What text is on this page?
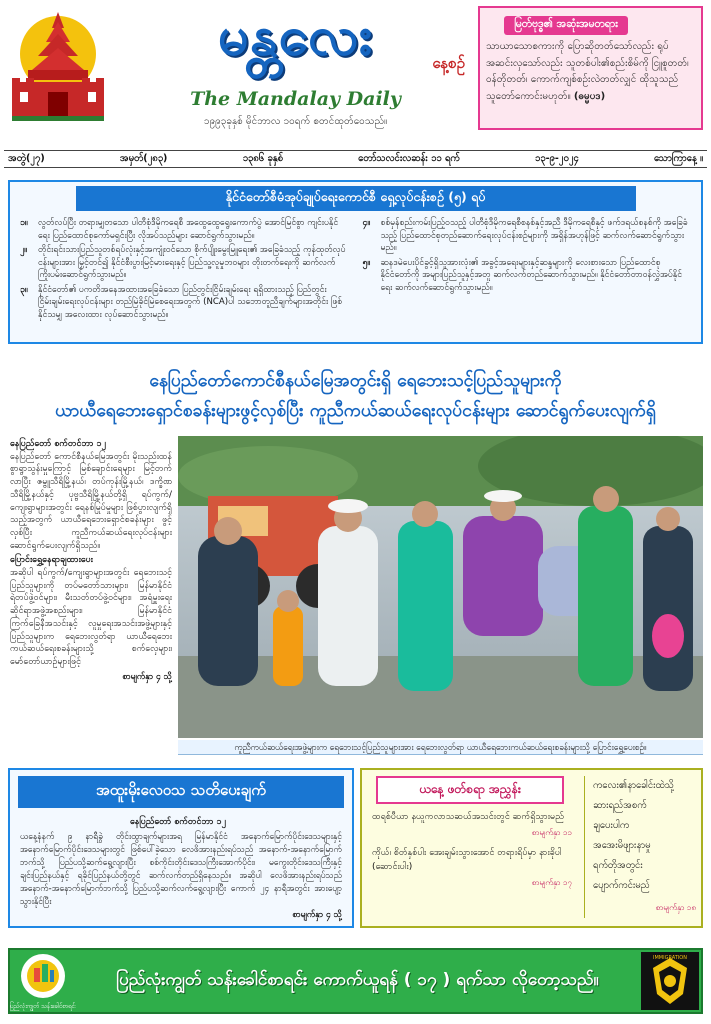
မန္တလေး	နေ့စဉ်
The Mandalay Daily
၁၉၉၃ခုနှစ် မိုင်ဘာလ ၁၀ရက် စတင်ထုတ်ဝေသည်။
မြတ်ဗုဒ္ဓ၏ အဆုံးအမတရား
သာယာသောစကားကို ပြောဆိုတတ်သော်လည်း ရုပ်အဆင်းလှသော်လည်း သူတစ်ပါး၏စည်းစိမ်ကို ငြူစူတတ်၊ ဝန်တိုတတ်၊ ကောက်ကျစ်စဉ်းလဲတတ်လျှင် ထိုသူသည် သူတော်ကောင်းမဟုတ်။ (ဓမ္မပဒ)
အတွဲ(၂၇)	အမှတ်(၂၈၃)	၁၃၈၆ ခုနှစ်	တော်သလင်းလဆန်း ၁၁ ရက်	၁၃-၉-၂၀၂၄	သောကြာနေ့ ။
နိုင်ငံတော်စီမံအုပ်ချုပ်ရေးကောင်စီ ရှေ့လုပ်ငန်းစဉ် (၅) ရပ်
၁။	လွတ်လပ်ပြီး တရားမျှတသော ပါတီစုံဒီမိုကရေစီ အထွေထွေရွေးကောက်ပွဲ အောင်မြင်စွာ ကျင်းပနိုင်ရေး ပြည်ထောင်စုကော်မရှင်းပြီး လိုအပ်သည်များ ဆောင်ရွက်သွားမည်။
၂။	တိုင်းရင်းသားပြည်သူတစ်ရပ်လုံးနှင့်အကျုံးဝင်သော စိုက်ပျိုးမွေးမြူရေး၏ အခြေခံသည့် ကုန်ထုတ်လုပ်ငန်းများအား မြှင့်တင်၍ နိုင်ငံစီးပွားမြင့်မားရေးနှင့် ပြည်သူ့လူမှုဘဝများ တိုးတက်ရေးကို ဆက်လက်ကြိုးပမ်းဆောင်ရွက်သွားမည်။
၃။	နိုင်ငံတော်၏ ပကတိအနေအထားအခြေခံသော ပြည်တွင်းငြိမ်းချမ်းရေး ရရှိထားသည့် ပြည်တွင်းငြိမ်းချမ်းရေးလုပ်ငန်းများ တည်မြဲခိုင်မြဲစေရေးအတွက် (NCA)ပါ သဘောတူညီချက်များအတိုင်း ဖြစ်နိုင်သမျှ အလေးထား လုပ်ဆောင်သွားမည်။
၄။	စစ်မှန်စည်းကမ်းပြည့်ဝသည့် ပါတီစုံဒီမိုကရေစီစနစ်နှင့်အညီ ဒီမိုကရေစီနှင့် ဖက်ဒရယ်စနစ်ကို အခြေခံသည့် ပြည်ထောင်စုတည်ဆောက်ရေးလုပ်ငန်းစဉ်များကို အရှိန်အဟုန်ဖြင့် ဆက်လက်ဆောင်ရွက်သွားမည်။
၅။	ဆနဒမဲပေးပိုင်ခွင့်ရှိသူအားလုံး၏ အခွင့်အရေးများနှင့်ဆန္ဒများကို လေးစားသော ပြည်ထောင်စုနိုင်ငံတော်ကို အများပြည်သူနှင့်အတူ ဆက်လက်တည်ဆောက်သွားမည်။ နိုင်ငံတော်တာဝန်လွှဲအပ်နိုင်ရေး ဆက်လက်ဆောင်ရွက်သွားမည်။
နေပြည်တော်ကောင်စီနယ်မြေအတွင်းရှိ ရေဘေးသင့်ပြည်သူများကို
ယာယီရေဘေးရှောင်စခန်းများဖွင့်လှစ်ပြီး ကူညီကယ်ဆယ်ရေးလုပ်ငန်းများ ဆောင်ရွက်ပေးလျက်ရှိ
နေပြည်တော် စက်တင်ဘာ ၁၂
နေပြည်တော် ကောင်စီနယ်မြေအတွင်း မိုးသည်းထန်စွာရွာသွန်းမှုကြောင့် မြစ်ချောင်းရေများ မြင့်တက်လာပြီး ဇမ္ဗူသီရိမြို့နယ်၊ တပ်ကုန်းမြို့နယ်၊ ဒက္ခိဏသီရိမြို့နယ်နှင့် ပုဗ္ဗသီရိမြို့နယ်တို့ရှိ ရပ်ကွက်/ကျေးရွာများအတွင်း ရေနစ်မြုပ်မှုများ ဖြစ်ပွားလျက်ရှိသည့်အတွက် ယာယီရေဘေးရှောင်စခန်းများ ဖွင့်လှစ်ပြီး ကူညီကယ်ဆယ်ရေးလုပ်ငန်းများ ဆောင်ရွက်ပေးလျက်ရှိသည်။
ပြောင်းရွှေ့နေရာချထားပေး
အဆိုပါ ရပ်ကွက်/ကျေးရွာများအတွင်း ရေဘေးသင့်ပြည်သူများကို တပ်မတော်သားများ၊ မြန်မာနိုင်ငံရဲတပ်ဖွဲ့ဝင်များ၊ မီးသတ်တပ်ဖွဲ့ဝင်များ၊ အရံမှူးရေးဆိုင်ရာအဖွဲ့အစည်းများ၊ မြန်မာနိုင်ငံကြက်ခြေနီအသင်းနှင့် လူမှုရေးအသင်းအဖွဲ့များနှင့် ပြည်သူများက ရေဘေးလွတ်ရာ ယာယီရေဘေးကယ်ဆယ်ရေးစခန်းများသို့ စက်လှေများ၊ မော်တော်ယာဉ်များဖြင့်
စာမျက်နှာ ၄ သို့
ကူညီကယ်ဆယ်ရေးအဖွဲ့များက ရေဘေးသင့်ပြည်သူများအား ရေဘေးလွတ်ရာ ယာယီရေဘေးကယ်ဆယ်ရေးစခန်းများသို့ ပြောင်းရွှေ့ပေးစဉ်။
အထူးမိုးလေဝသ သတိပေးချက်
နေပြည်တော် စက်တင်ဘာ ၁၂
ယနေ့နံနက် ၉ နာရီခွဲ တိုင်းထွာချက်များအရ မြန်မာနိုင်ငံ အနောက်မြောက်ပိုင်းဒေသများနှင့် အနောက်မြောက်ပိုင်းဒေသများတွင် ဖြစ်ပေါ်ခဲ့သော လေဖိအားနည်းရပ်သည် အနောက်-အနောက်မြောက်ဘက်သို့ ပြည်ပသို့ဆက်ရွေ့လျားပြီး စစ်ကိုင်းတိုင်းဒေသကြီးအောက်ပိုင်း၊ မကွေးတိုင်းဒေသကြီးနှင့် ချင်းပြည်နယ်နှင့် ရခိုင်ပြည်နယ်တို့တွင် ဆက်လက်တည်ရှိနေသည်။ အဆိုပါ လေဖိအားနည်းရပ်သည် အနောက်-အနောက်မြောက်ဘက်သို့ ပြည်ပသို့ဆက်လက်ရွေ့လျားပြီး ကောက် ၂၄ နာရီအတွင်း အားပျော့သွားနိုင်ပြီး
စာမျက်နှာ ၄ သို့
ယနေ့ ဖတ်စရာ အညွှန်း
ထရစ်ပီယာ နယူကလာသဆယ်အသင်းတွင် ဆက်ရှိသွားမည်
စာမျက်နှာ ၁၁
ကိုယ်၊ စိတ်နှစ်ပါး အေးချမ်းသွားအောင် တရားရိပ်မှာ နားခိုပါ (ဆောင်းပါး)
စာမျက်နှာ ၁၇
ကလေး၏နာခေါင်းထဲသို့
ဆားရည်အစက်
ချပေးပါက
အအေးမိဖျားနာမှု
ရက်တိုအတွင်း
ပျောက်ကင်းမည်
စာမျက်နှာ ၁၈
ပြည်လုံးကျွတ် သန်းခေါင်စာရင်း
ပြည်လုံးကျွတ် သန်းခေါင်စာရင်း ကောက်ယူရန် ( ၁၇ ) ရက်သာ လိုတော့သည်။
IMMIGRATION
